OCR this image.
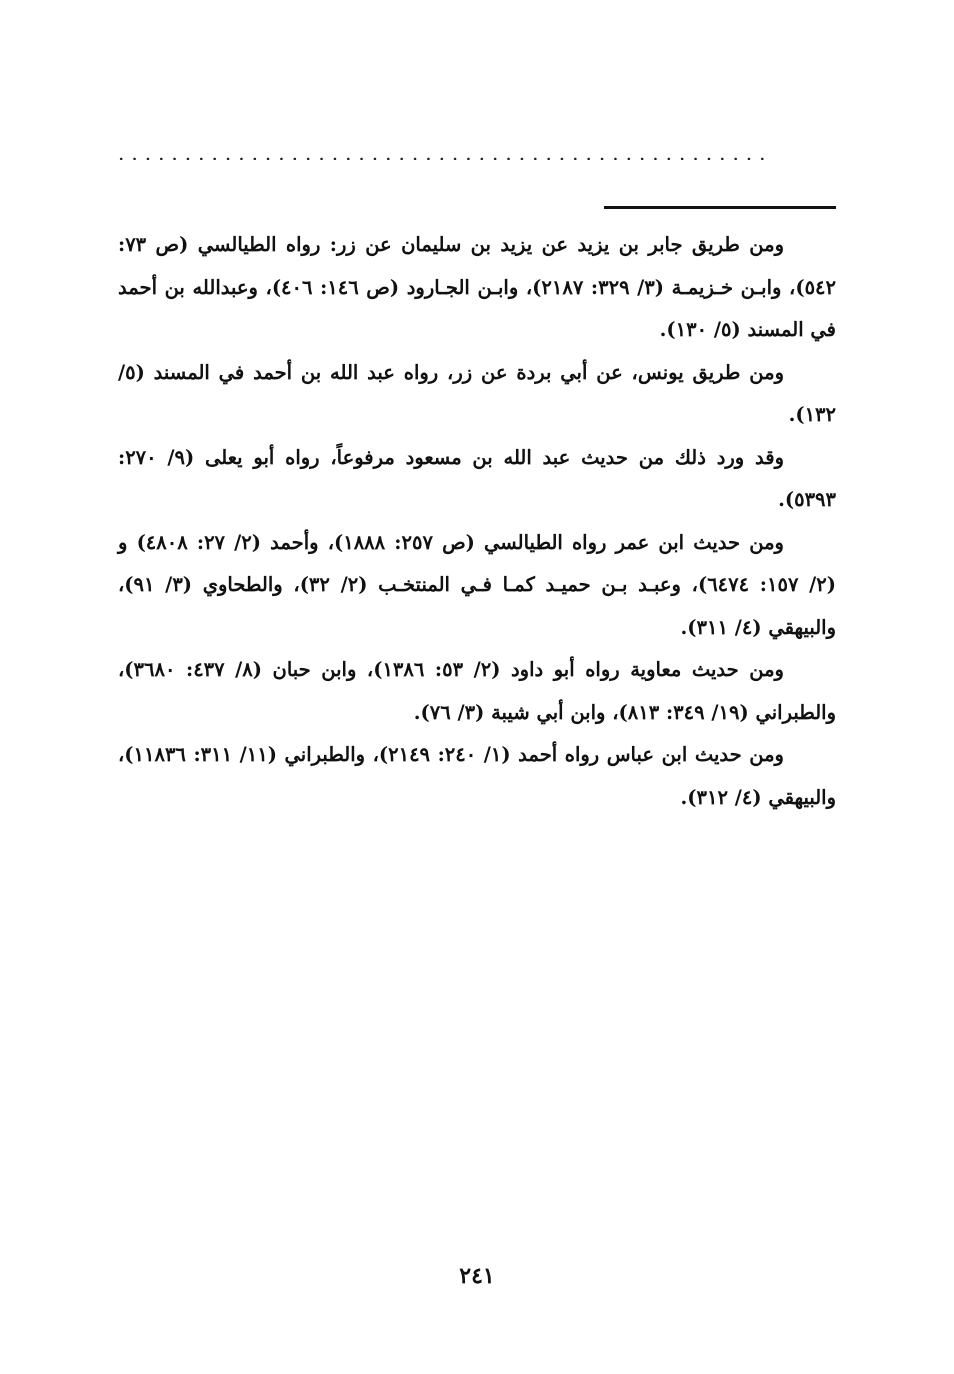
.................................................

ومن طريق جابر بن يزيد عن يزيد بن سليمان عن زر: رواه الطيالسي (ص ٧٣: ٥٤٢)، وابـن خـزيمـة (٣/ ٣٢٩: ٢١٨٧)، وابـن الجـارود (ص ١٤٦: ٤٠٦)، وعبدالله بن أحمد في المسند (٥/ ١٣٠).

ومن طريق يونس، عن أبي بردة عن زر، رواه عبد الله بن أحمد في المسند (٥/ ١٣٢).

وقد ورد ذلك من حديث عبد الله بن مسعود مرفوعاً، رواه أبو يعلى (٩/ ٢٧٠: ٥٣٩٣).

ومن حديث ابن عمر رواه الطيالسي (ص ٢٥٧: ١٨٨٨)، وأحمد (٢/ ٢٧: ٤٨٠٨) و (٢/ ١٥٧: ٦٤٧٤)، وعبـد بـن حميـد كمـا فـي المنتخـب (٢/ ٣٢)، والطحاوي (٣/ ٩١)، والبيهقي (٤/ ٣١١).

ومن حديث معاوية رواه أبو داود (٢/ ٥٣: ١٣٨٦)، وابن حبان (٨/ ٤٣٧: ٣٦٨٠)، والطبراني (١٩/ ٣٤٩: ٨١٣)، وابن أبي شيبة (٣/ ٧٦).

ومن حديث ابن عباس رواه أحمد (١/ ٢٤٠: ٢١٤٩)، والطبراني (١١/ ٣١١: ١١٨٣٦)، والبيهقي (٤/ ٣١٢).

٢٤١
